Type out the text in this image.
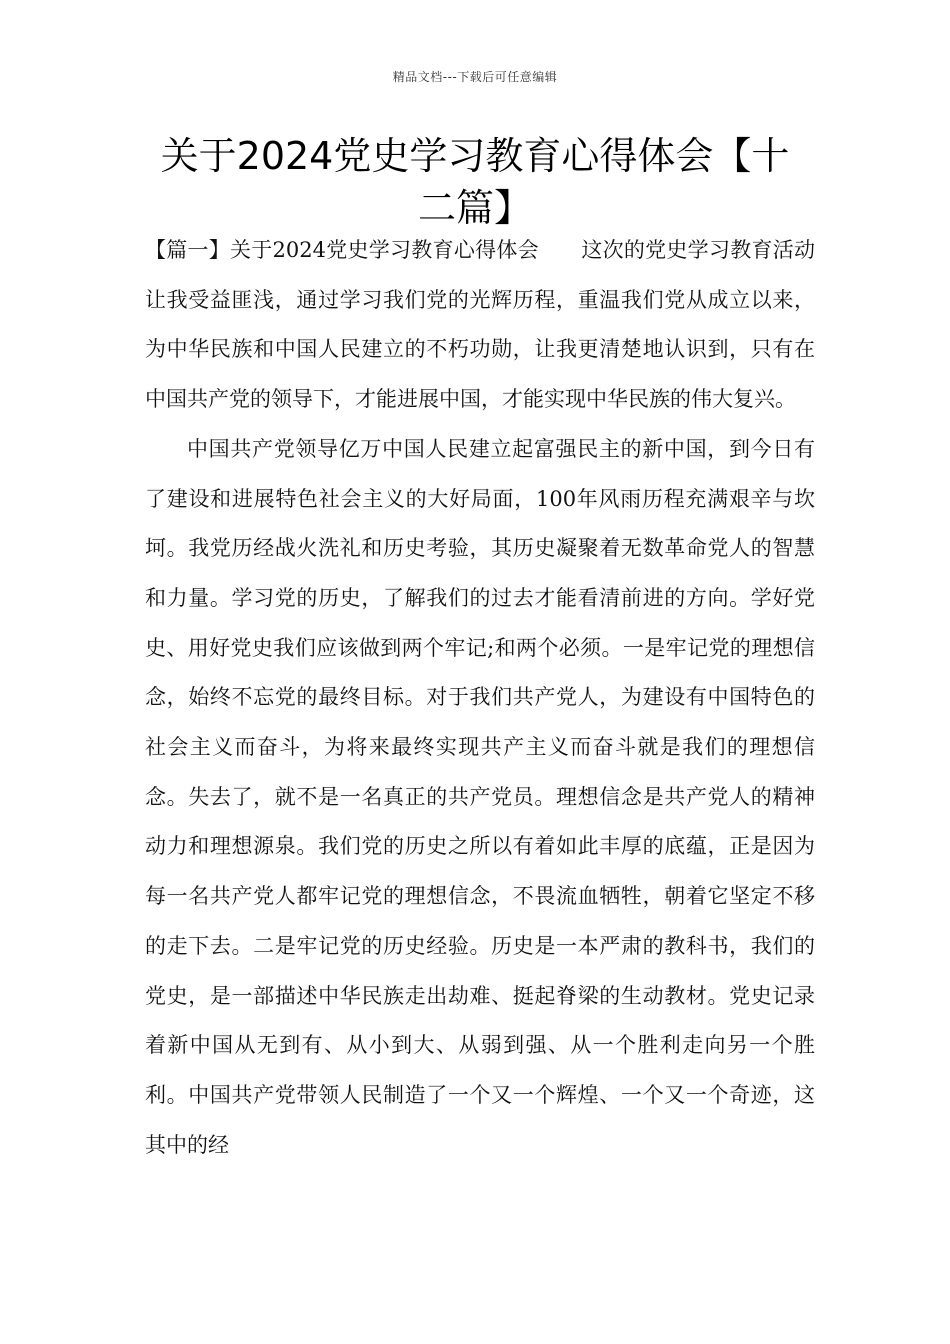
精品文档---下载后可任意编辑
关于2024党史学习教育心得体会【十二篇】

【篇一】关于2024党史学习教育心得体会　　这次的党史学习教育活动让我受益匪浅，通过学习我们党的光辉历程，重温我们党从成立以来，为中华民族和中国人民建立的不朽功勋，让我更清楚地认识到，只有在中国共产党的领导下，才能进展中国，才能实现中华民族的伟大复兴。

中国共产党领导亿万中国人民建立起富强民主的新中国，到今日有了建设和进展特色社会主义的大好局面，100年风雨历程充满艰辛与坎坷。我党历经战火洗礼和历史考验，其历史凝聚着无数革命党人的智慧和力量。学习党的历史，了解我们的过去才能看清前进的方向。学好党史、用好党史我们应该做到两个牢记;和两个必须。一是牢记党的理想信念，始终不忘党的最终目标。对于我们共产党人，为建设有中国特色的社会主义而奋斗，为将来最终实现共产主义而奋斗就是我们的理想信念。失去了，就不是一名真正的共产党员。理想信念是共产党人的精神动力和理想源泉。我们党的历史之所以有着如此丰厚的底蕴，正是因为每一名共产党人都牢记党的理想信念，不畏流血牺牲，朝着它坚定不移的走下去。二是牢记党的历史经验。历史是一本严肃的教科书，我们的党史，是一部描述中华民族走出劫难、挺起脊梁的生动教材。党史记录着新中国从无到有、从小到大、从弱到强、从一个胜利走向另一个胜利。中国共产党带领人民制造了一个又一个辉煌、一个又一个奇迹，这其中的经
